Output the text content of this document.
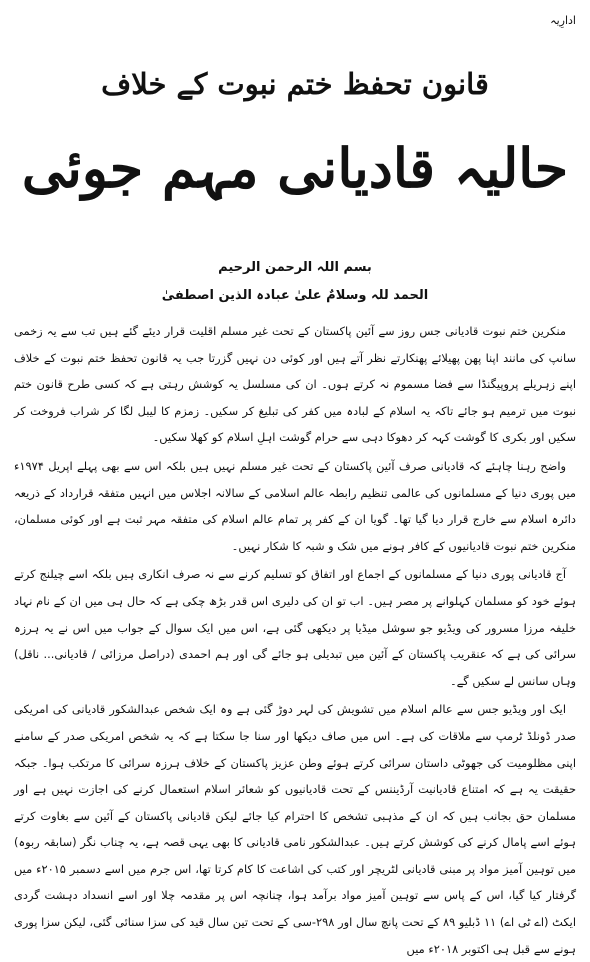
ادارِیہ
قانون تحفظ ختم نبوت کے خلاف
حالیہ قادیانی مہم جوئی
بسم اللہ الرحمن الرحیم
الحمد للہ وسلامٌ علیٰ عبادہ الذین اصطفیٰ

منکرین ختم نبوت قادیانی جس روز سے آئین پاکستان کے تحت غیر مسلم اقلیت قرار دیئے گئے ہیں تب سے یہ زخمی سانپ کی مانند اپنا پھن پھیلائے پھنکارتے نظر آتے ہیں اور کوئی دن نہیں گزرتا جب یہ قانون تحفظ ختم نبوت کے خلاف اپنے زہریلے پروپیگنڈا سے فضا مسموم نہ کرتے ہوں۔ ان کی مسلسل یہ کوشش رہتی ہے کہ کسی طرح قانون ختم نبوت میں ترمیم ہو جائے تاکہ یہ اسلام کے لبادہ میں کفر کی تبلیغ کر سکیں۔ زمزم کا لیبل لگا کر شراب فروخت کر سکیں اور بکری کا گوشت کہہ کر دھوکا دہی سے حرام گوشت اہلِ اسلام کو کھلا سکیں۔

واضح رہنا چاہئے کہ قادیانی صرف آئین پاکستان کے تحت غیر مسلم نہیں ہیں بلکہ اس سے بھی پہلے اپریل ۱۹۷۴ء میں پوری دنیا کے مسلمانوں کی عالمی تنظیم رابطہ عالم اسلامی کے سالانہ اجلاس میں انہیں متفقہ قرارداد کے ذریعہ دائرہ اسلام سے خارج قرار دیا گیا تھا۔ گویا ان کے کفر پر تمام عالم اسلام کی متفقہ مہر ثبت ہے اور کوئی مسلمان، منکرین ختم نبوت قادیانیوں کے کافر ہونے میں شک و شبہ کا شکار نہیں۔

آج قادیانی پوری دنیا کے مسلمانوں کے اجماع اور اتفاق کو تسلیم کرنے سے نہ صرف انکاری ہیں بلکہ اسے چیلنج کرتے ہوئے خود کو مسلمان کہلوانے پر مصر ہیں۔ اب تو ان کی دلیری اس قدر بڑھ چکی ہے کہ حال ہی میں ان کے نام نہاد خلیفہ مرزا مسرور کی ویڈیو جو سوشل میڈیا پر دیکھی گئی ہے، اس میں ایک سوال کے جواب میں اس نے یہ ہرزہ سرائی کی ہے کہ عنقریب پاکستان کے آئین میں تبدیلی ہو جائے گی اور ہم احمدی (دراصل مرزائی / قادیانی... ناقل) وہاں سانس لے سکیں گے۔

ایک اور ویڈیو جس سے عالم اسلام میں تشویش کی لہر دوڑ گئی ہے وہ ایک شخص عبدالشکور قادیانی کی امریکی صدر ڈونلڈ ٹرمپ سے ملاقات کی ہے۔ اس میں صاف دیکھا اور سنا جا سکتا ہے کہ یہ شخص امریکی صدر کے سامنے اپنی مظلومیت کی جھوٹی داستان سرائی کرتے ہوئے وطن عزیز پاکستان کے خلاف ہرزہ سرائی کا مرتکب ہوا۔ جبکہ حقیقت یہ ہے کہ امتناع قادیانیت آرڈیننس کے تحت قادیانیوں کو شعائر اسلام استعمال کرنے کی اجازت نہیں ہے اور مسلمان حق بجانب ہیں کہ ان کے مذہبی تشخص کا احترام کیا جائے لیکن قادیانی پاکستان کے آئین سے بغاوت کرتے ہوئے اسے پامال کرنے کی کوشش کرتے ہیں۔ عبدالشکور نامی قادیانی کا بھی یہی قصہ ہے، یہ چناب نگر (سابقہ ربوہ) میں توہین آمیز مواد پر مبنی قادیانی لٹریچر اور کتب کی اشاعت کا کام کرتا تھا، اس جرم میں اسے دسمبر ۲۰۱۵ء میں گرفتار کیا گیا، اس کے پاس سے توہین آمیز مواد برآمد ہوا، چنانچہ اس پر مقدمہ چلا اور اسے انسداد دہشت گردی ایکٹ (اے ٹی اے) ۱۱ ڈبلیو ۸۹ کے تحت پانچ سال اور ۲۹۸-سی کے تحت تین سال قید کی سزا سنائی گئی، لیکن سزا پوری ہونے سے قبل ہی اکتوبر ۲۰۱۸ء میں
